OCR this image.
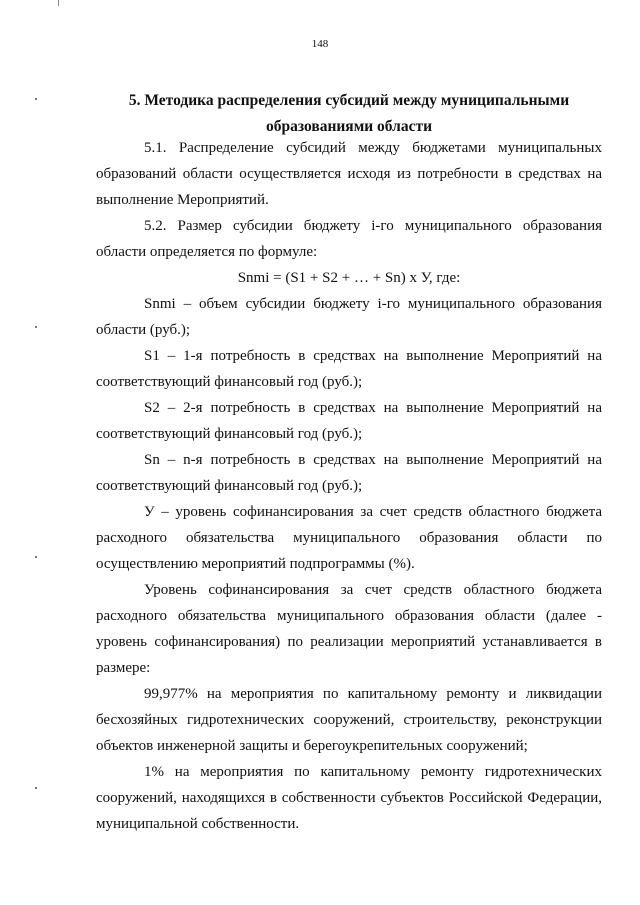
148
5. Методика распределения субсидий между муниципальными образованиями области

5.1. Распределение субсидий между бюджетами муниципальных образований области осуществляется исходя из потребности в средствах на выполнение Мероприятий.

5.2. Размер субсидии бюджету i-го муниципального образования области определяется по формуле:

Snmi = (S1 + S2 + … + Sn) x У, где:

Snmi – объем субсидии бюджету i-го муниципального образования области (руб.);

S1 – 1-я потребность в средствах на выполнение Мероприятий на соответствующий финансовый год (руб.);

S2 – 2-я потребность в средствах на выполнение Мероприятий на соответствующий финансовый год (руб.);

Sn – n-я потребность в средствах на выполнение Мероприятий на соответствующий финансовый год (руб.);

У – уровень софинансирования за счет средств областного бюджета расходного обязательства муниципального образования области по осуществлению мероприятий подпрограммы (%).

Уровень софинансирования за счет средств областного бюджета расходного обязательства муниципального образования области (далее - уровень софинансирования) по реализации мероприятий устанавливается в размере:

99,977% на мероприятия по капитальному ремонту и ликвидации бесхозяйных гидротехнических сооружений, строительству, реконструкции объектов инженерной защиты и берегоукрепительных сооружений;

1% на мероприятия по капитальному ремонту гидротехнических сооружений, находящихся в собственности субъектов Российской Федерации, муниципальной собственности.
